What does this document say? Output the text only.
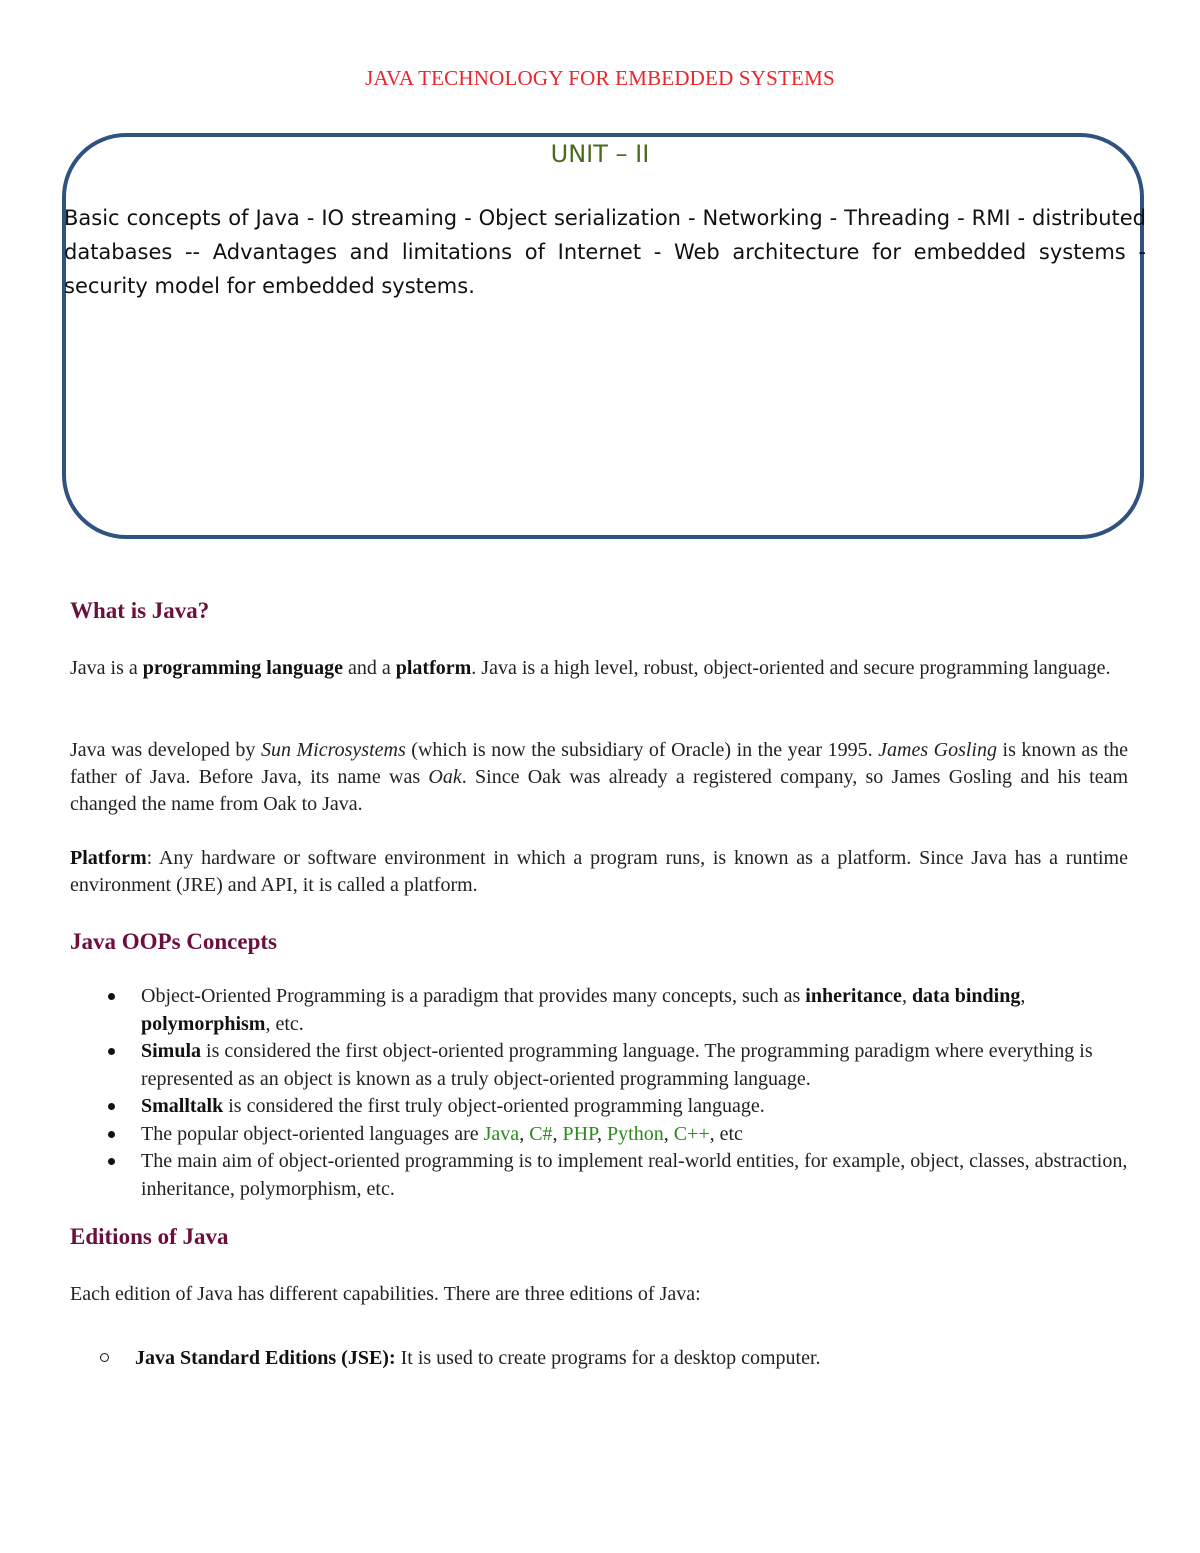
JAVA TECHNOLOGY FOR EMBEDDED SYSTEMS
UNIT – II
Basic concepts of Java - IO streaming - Object serialization - Networking - Threading - RMI - distributed databases -- Advantages and limitations of Internet - Web architecture for embedded systems - security model for embedded systems.
What is Java?
Java is a programming language and a platform. Java is a high level, robust, object-oriented and secure programming language.
Java was developed by Sun Microsystems (which is now the subsidiary of Oracle) in the year 1995. James Gosling is known as the father of Java. Before Java, its name was Oak. Since Oak was already a registered company, so James Gosling and his team changed the name from Oak to Java.
Platform: Any hardware or software environment in which a program runs, is known as a platform. Since Java has a runtime environment (JRE) and API, it is called a platform.
Java OOPs Concepts
Object-Oriented Programming is a paradigm that provides many concepts, such as inheritance, data binding, polymorphism, etc.
Simula is considered the first object-oriented programming language. The programming paradigm where everything is represented as an object is known as a truly object-oriented programming language.
Smalltalk is considered the first truly object-oriented programming language.
The popular object-oriented languages are Java, C#, PHP, Python, C++, etc
The main aim of object-oriented programming is to implement real-world entities, for example, object, classes, abstraction, inheritance, polymorphism, etc.
Editions of Java
Each edition of Java has different capabilities. There are three editions of Java:
Java Standard Editions (JSE): It is used to create programs for a desktop computer.
